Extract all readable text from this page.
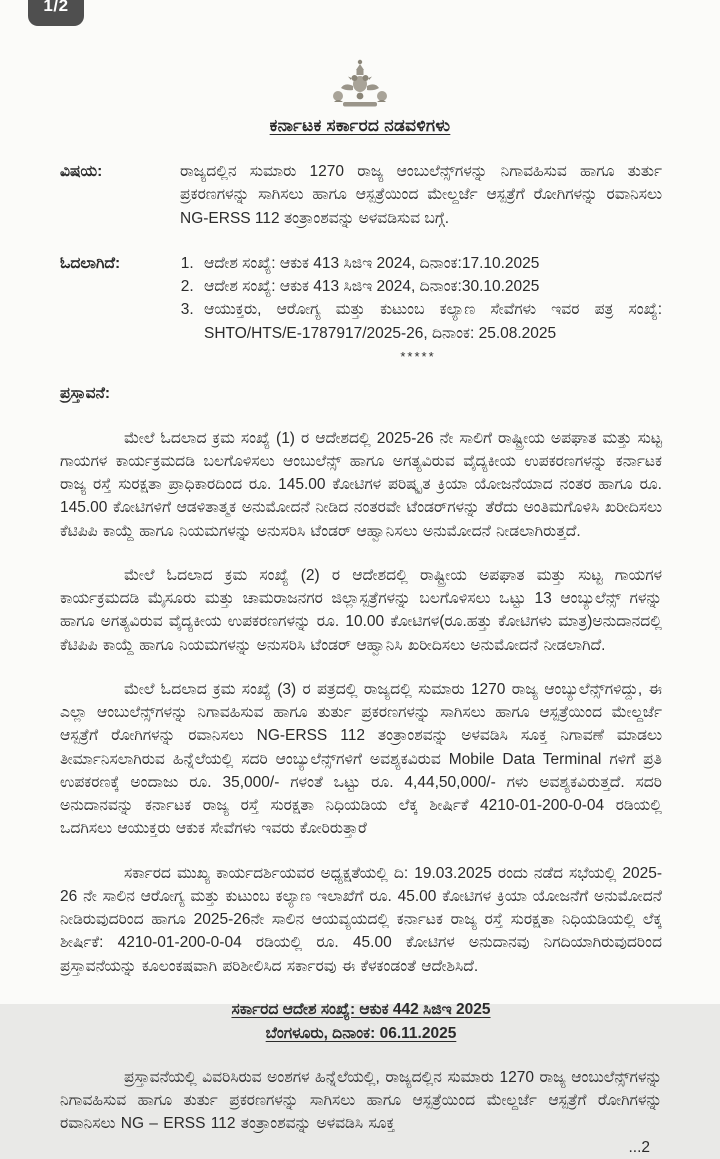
1/2
ಕರ್ನಾಟಕ ಸರ್ಕಾರದ ನಡವಳಿಗಳು
ವಿಷಯ:	ರಾಜ್ಯದಲ್ಲಿನ ಸುಮಾರು 1270 ರಾಜ್ಯ ಆಂಬುಲೆನ್ಸ್‌ಗಳನ್ನು ನಿಗಾವಹಿಸುವ ಹಾಗೂ ತುರ್ತು ಪ್ರಕರಣಗಳನ್ನು ಸಾಗಿಸಲು ಹಾಗೂ ಆಸ್ಪತ್ರೆಯಿಂದ ಮೇಲ್ದರ್ಜೆ ಆಸ್ಪತ್ರೆಗೆ ರೋಗಿಗಳನ್ನು ರವಾನಿಸಲು NG-ERSS 112 ತಂತ್ರಾಂಶವನ್ನು ಅಳವಡಿಸುವ ಬಗ್ಗೆ.
ಓದಲಾಗಿದೆ:	1. ಆದೇಶ ಸಂಖ್ಯೆ: ಆಕುಕ 413 ಸಿಜಿಇ 2024, ದಿನಾಂಕ:17.10.2025
2. ಆದೇಶ ಸಂಖ್ಯೆ: ಆಕುಕ 413 ಸಿಜಿಇ 2024, ದಿನಾಂಕ:30.10.2025
3. ಆಯುಕ್ತರು, ಆರೋಗ್ಯ ಮತ್ತು ಕುಟುಂಬ ಕಲ್ಯಾಣ ಸೇವೆಗಳು ಇವರ ಪತ್ರ ಸಂಖ್ಯೆ: SHTO/HTS/E-1787917/2025-26, ದಿನಾಂಕ: 25.08.2025
*****
ಪ್ರಸ್ತಾವನೆ:

ಮೇಲೆ ಓದಲಾದ ಕ್ರಮ ಸಂಖ್ಯೆ (1) ರ ಆದೇಶದಲ್ಲಿ 2025-26 ನೇ ಸಾಲಿಗೆ ರಾಷ್ಟ್ರೀಯ ಅಪಘಾತ ಮತ್ತು ಸುಟ್ಟ ಗಾಯಗಳ ಕಾರ್ಯಕ್ರಮದಡಿ ಬಲಗೊಳಿಸಲು ಆಂಬುಲೆನ್ಸ್ ಹಾಗೂ ಅಗತ್ಯವಿರುವ ವೈದ್ಯಕೀಯ ಉಪಕರಣಗಳನ್ನು ಕರ್ನಾಟಕ ರಾಜ್ಯ ರಸ್ತೆ ಸುರಕ್ಷತಾ ಪ್ರಾಧಿಕಾರದಿಂದ ರೂ. 145.00 ಕೋಟಿಗಳ ಪರಿಷ್ಕೃತ ಕ್ರಿಯಾ ಯೋಜನೆಯಾದ ನಂತರ ಹಾಗೂ ರೂ. 145.00 ಕೋಟಿಗಳಿಗೆ ಆಡಳಿತಾತ್ಮಕ ಅನುಮೋದನೆ ನೀಡಿದ ನಂತರವೇ ಟೆಂಡರ್‌ಗಳನ್ನು ತೆರೆದು ಅಂತಿಮಗೊಳಿಸಿ ಖರೀದಿಸಲು ಕೆಟಿಪಿಪಿ ಕಾಯ್ದೆ ಹಾಗೂ ನಿಯಮಗಳನ್ನು ಅನುಸರಿಸಿ ಟೆಂಡರ್ ಆಹ್ವಾನಿಸಲು ಅನುಮೋದನೆ ನೀಡಲಾಗಿರುತ್ತದೆ.

ಮೇಲೆ ಓದಲಾದ ಕ್ರಮ ಸಂಖ್ಯೆ (2) ರ ಆದೇಶದಲ್ಲಿ ರಾಷ್ಟ್ರೀಯ ಅಪಘಾತ ಮತ್ತು ಸುಟ್ಟ ಗಾಯಗಳ ಕಾರ್ಯಕ್ರಮದಡಿ ಮೈಸೂರು ಮತ್ತು ಚಾಮರಾಜನಗರ ಜಿಲ್ಲಾಸ್ಪತ್ರೆಗಳನ್ನು ಬಲಗೊಳಿಸಲು ಒಟ್ಟು 13 ಆಂಬ್ಯುಲೆನ್ಸ್ ಗಳನ್ನು ಹಾಗೂ ಅಗತ್ಯವಿರುವ ವೈದ್ಯಕೀಯ ಉಪಕರಣಗಳನ್ನು ರೂ. 10.00 ಕೋಟಿಗಳ(ರೂ.ಹತ್ತು ಕೋಟಿಗಳು ಮಾತ್ರ)ಅನುದಾನದಲ್ಲಿ ಕೆಟಿಪಿಪಿ ಕಾಯ್ದೆ ಹಾಗೂ ನಿಯಮಗಳನ್ನು ಅನುಸರಿಸಿ ಟೆಂಡರ್ ಆಹ್ವಾನಿಸಿ ಖರೀದಿಸಲು ಅನುಮೋದನೆ ನೀಡಲಾಗಿದೆ.

ಮೇಲೆ ಓದಲಾದ ಕ್ರಮ ಸಂಖ್ಯೆ (3) ರ ಪತ್ರದಲ್ಲಿ ರಾಜ್ಯದಲ್ಲಿ ಸುಮಾರು 1270 ರಾಜ್ಯ ಆಂಬ್ಯುಲೆನ್ಸ್‌ಗಳಿದ್ದು, ಈ ಎಲ್ಲಾ ಆಂಬುಲೆನ್ಸ್‌ಗಳನ್ನು ನಿಗಾವಹಿಸುವ ಹಾಗೂ ತುರ್ತು ಪ್ರಕರಣಗಳನ್ನು ಸಾಗಿಸಲು ಹಾಗೂ ಆಸ್ಪತ್ರೆಯಿಂದ ಮೇಲ್ದರ್ಜೆ ಆಸ್ಪತ್ರೆಗೆ ರೋಗಿಗಳನ್ನು ರವಾನಿಸಲು NG-ERSS 112 ತಂತ್ರಾಂಶವನ್ನು ಅಳವಡಿಸಿ ಸೂಕ್ತ ನಿಗಾವಣೆ ಮಾಡಲು ತೀರ್ಮಾನಿಸಲಾಗಿರುವ ಹಿನ್ನೆಲೆಯಲ್ಲಿ ಸದರಿ ಆಂಬ್ಯುಲೆನ್ಸ್‌ಗಳಿಗೆ ಅವಶ್ಯಕವಿರುವ Mobile Data Terminal ಗಳಿಗೆ ಪ್ರತಿ ಉಪಕರಣಕ್ಕೆ ಅಂದಾಜು ರೂ. 35,000/- ಗಳಂತೆ ಒಟ್ಟು ರೂ. 4,44,50,000/- ಗಳು ಅವಶ್ಯಕವಿರುತ್ತದೆ. ಸದರಿ ಅನುದಾನವನ್ನು ಕರ್ನಾಟಕ ರಾಜ್ಯ ರಸ್ತೆ ಸುರಕ್ಷತಾ ನಿಧಿಯಡಿಯ ಲೆಕ್ಕ ಶೀರ್ಷಿಕೆ 4210-01-200-0-04 ರಡಿಯಲ್ಲಿ ಒದಗಿಸಲು ಆಯುಕ್ತರು ಆಕುಕ ಸೇವೆಗಳು ಇವರು ಕೋರಿರುತ್ತಾರೆ

ಸರ್ಕಾರದ ಮುಖ್ಯ ಕಾರ್ಯದರ್ಶಿಯವರ ಅಧ್ಯಕ್ಷತೆಯಲ್ಲಿ ದಿ: 19.03.2025 ರಂದು ನಡೆದ ಸಭೆಯಲ್ಲಿ 2025-26 ನೇ ಸಾಲಿನ ಆರೋಗ್ಯ ಮತ್ತು ಕುಟುಂಬ ಕಲ್ಯಾಣ ಇಲಾಖೆಗೆ ರೂ. 45.00 ಕೋಟಿಗಳ ಕ್ರಿಯಾ ಯೋಜನೆಗೆ ಅನುಮೋದನೆ ನೀಡಿರುವುದರಿಂದ ಹಾಗೂ 2025-26ನೇ ಸಾಲಿನ ಆಯವ್ಯಯದಲ್ಲಿ ಕರ್ನಾಟಕ ರಾಜ್ಯ ರಸ್ತೆ ಸುರಕ್ಷತಾ ನಿಧಿಯಡಿಯಲ್ಲಿ ಲೆಕ್ಕ ಶೀರ್ಷಿಕೆ: 4210-01-200-0-04 ರಡಿಯಲ್ಲಿ ರೂ. 45.00 ಕೋಟಿಗಳ ಅನುದಾನವು ನಿಗದಿಯಾಗಿರುವುದರಿಂದ ಪ್ರಸ್ತಾವನೆಯನ್ನು ಕೂಲಂಕಷವಾಗಿ ಪರಿಶೀಲಿಸಿದ ಸರ್ಕಾರವು ಈ ಕೆಳಕಂಡಂತೆ ಆದೇಶಿಸಿದೆ.

ಸರ್ಕಾರದ ಆದೇಶ ಸಂಖ್ಯೆ: ಆಕುಕ 442 ಸಿಜಿಇ 2025
ಬೆಂಗಳೂರು, ದಿನಾಂಕ: 06.11.2025

ಪ್ರಸ್ತಾವನೆಯಲ್ಲಿ ವಿವರಿಸಿರುವ ಅಂಶಗಳ ಹಿನ್ನೆಲೆಯಲ್ಲಿ, ರಾಜ್ಯದಲ್ಲಿನ ಸುಮಾರು 1270 ರಾಜ್ಯ ಆಂಬುಲೆನ್ಸ್‌ಗಳನ್ನು ನಿಗಾವಹಿಸುವ ಹಾಗೂ ತುರ್ತು ಪ್ರಕರಣಗಳನ್ನು ಸಾಗಿಸಲು ಹಾಗೂ ಆಸ್ಪತ್ರೆಯಿಂದ ಮೇಲ್ದರ್ಜೆ ಆಸ್ಪತ್ರೆಗೆ ರೋಗಿಗಳನ್ನು ರವಾನಿಸಲು NG – ERSS 112 ತಂತ್ರಾಂಶವನ್ನು ಅಳವಡಿಸಿ ಸೂಕ್ತ

...2
